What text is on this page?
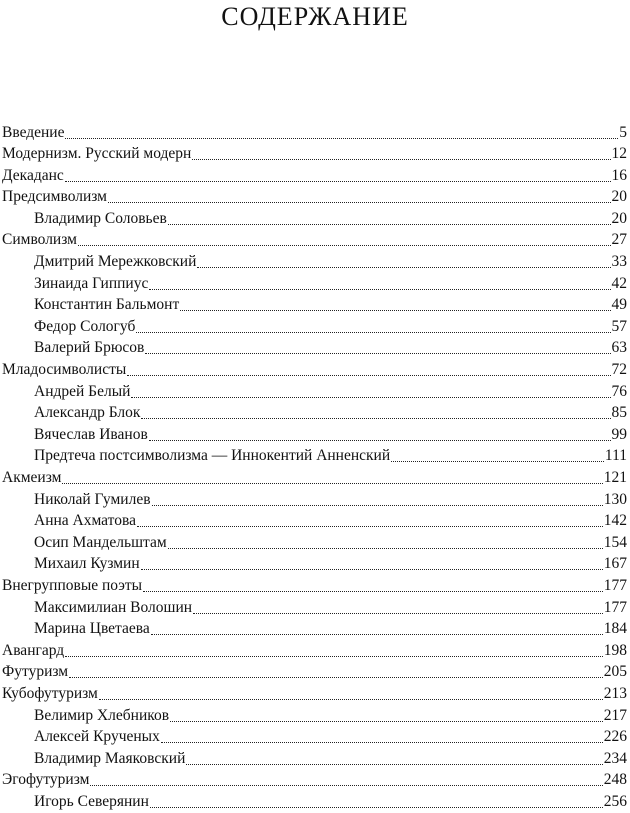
СОДЕРЖАНИЕ
Введение	5
Модернизм. Русский модерн	12
Декаданс	16
Предсимволизм	20
Владимир Соловьев	20
Символизм	27
Дмитрий Мережковский	33
Зинаида Гиппиус	42
Константин Бальмонт	49
Федор Сологуб	57
Валерий Брюсов	63
Младосимволисты	72
Андрей Белый	76
Александр Блок	85
Вячеслав Иванов	99
Предтеча постсимволизма — Иннокентий Анненский	111
Акмеизм	121
Николай Гумилев	130
Анна Ахматова	142
Осип Мандельштам	154
Михаил Кузмин	167
Внегрупповые поэты	177
Максимилиан Волошин	177
Марина Цветаева	184
Авангард	198
Футуризм	205
Кубофутуризм	213
Велимир Хлебников	217
Алексей Крученых	226
Владимир Маяковский	234
Эгофутуризм	248
Игорь Северянин	256
